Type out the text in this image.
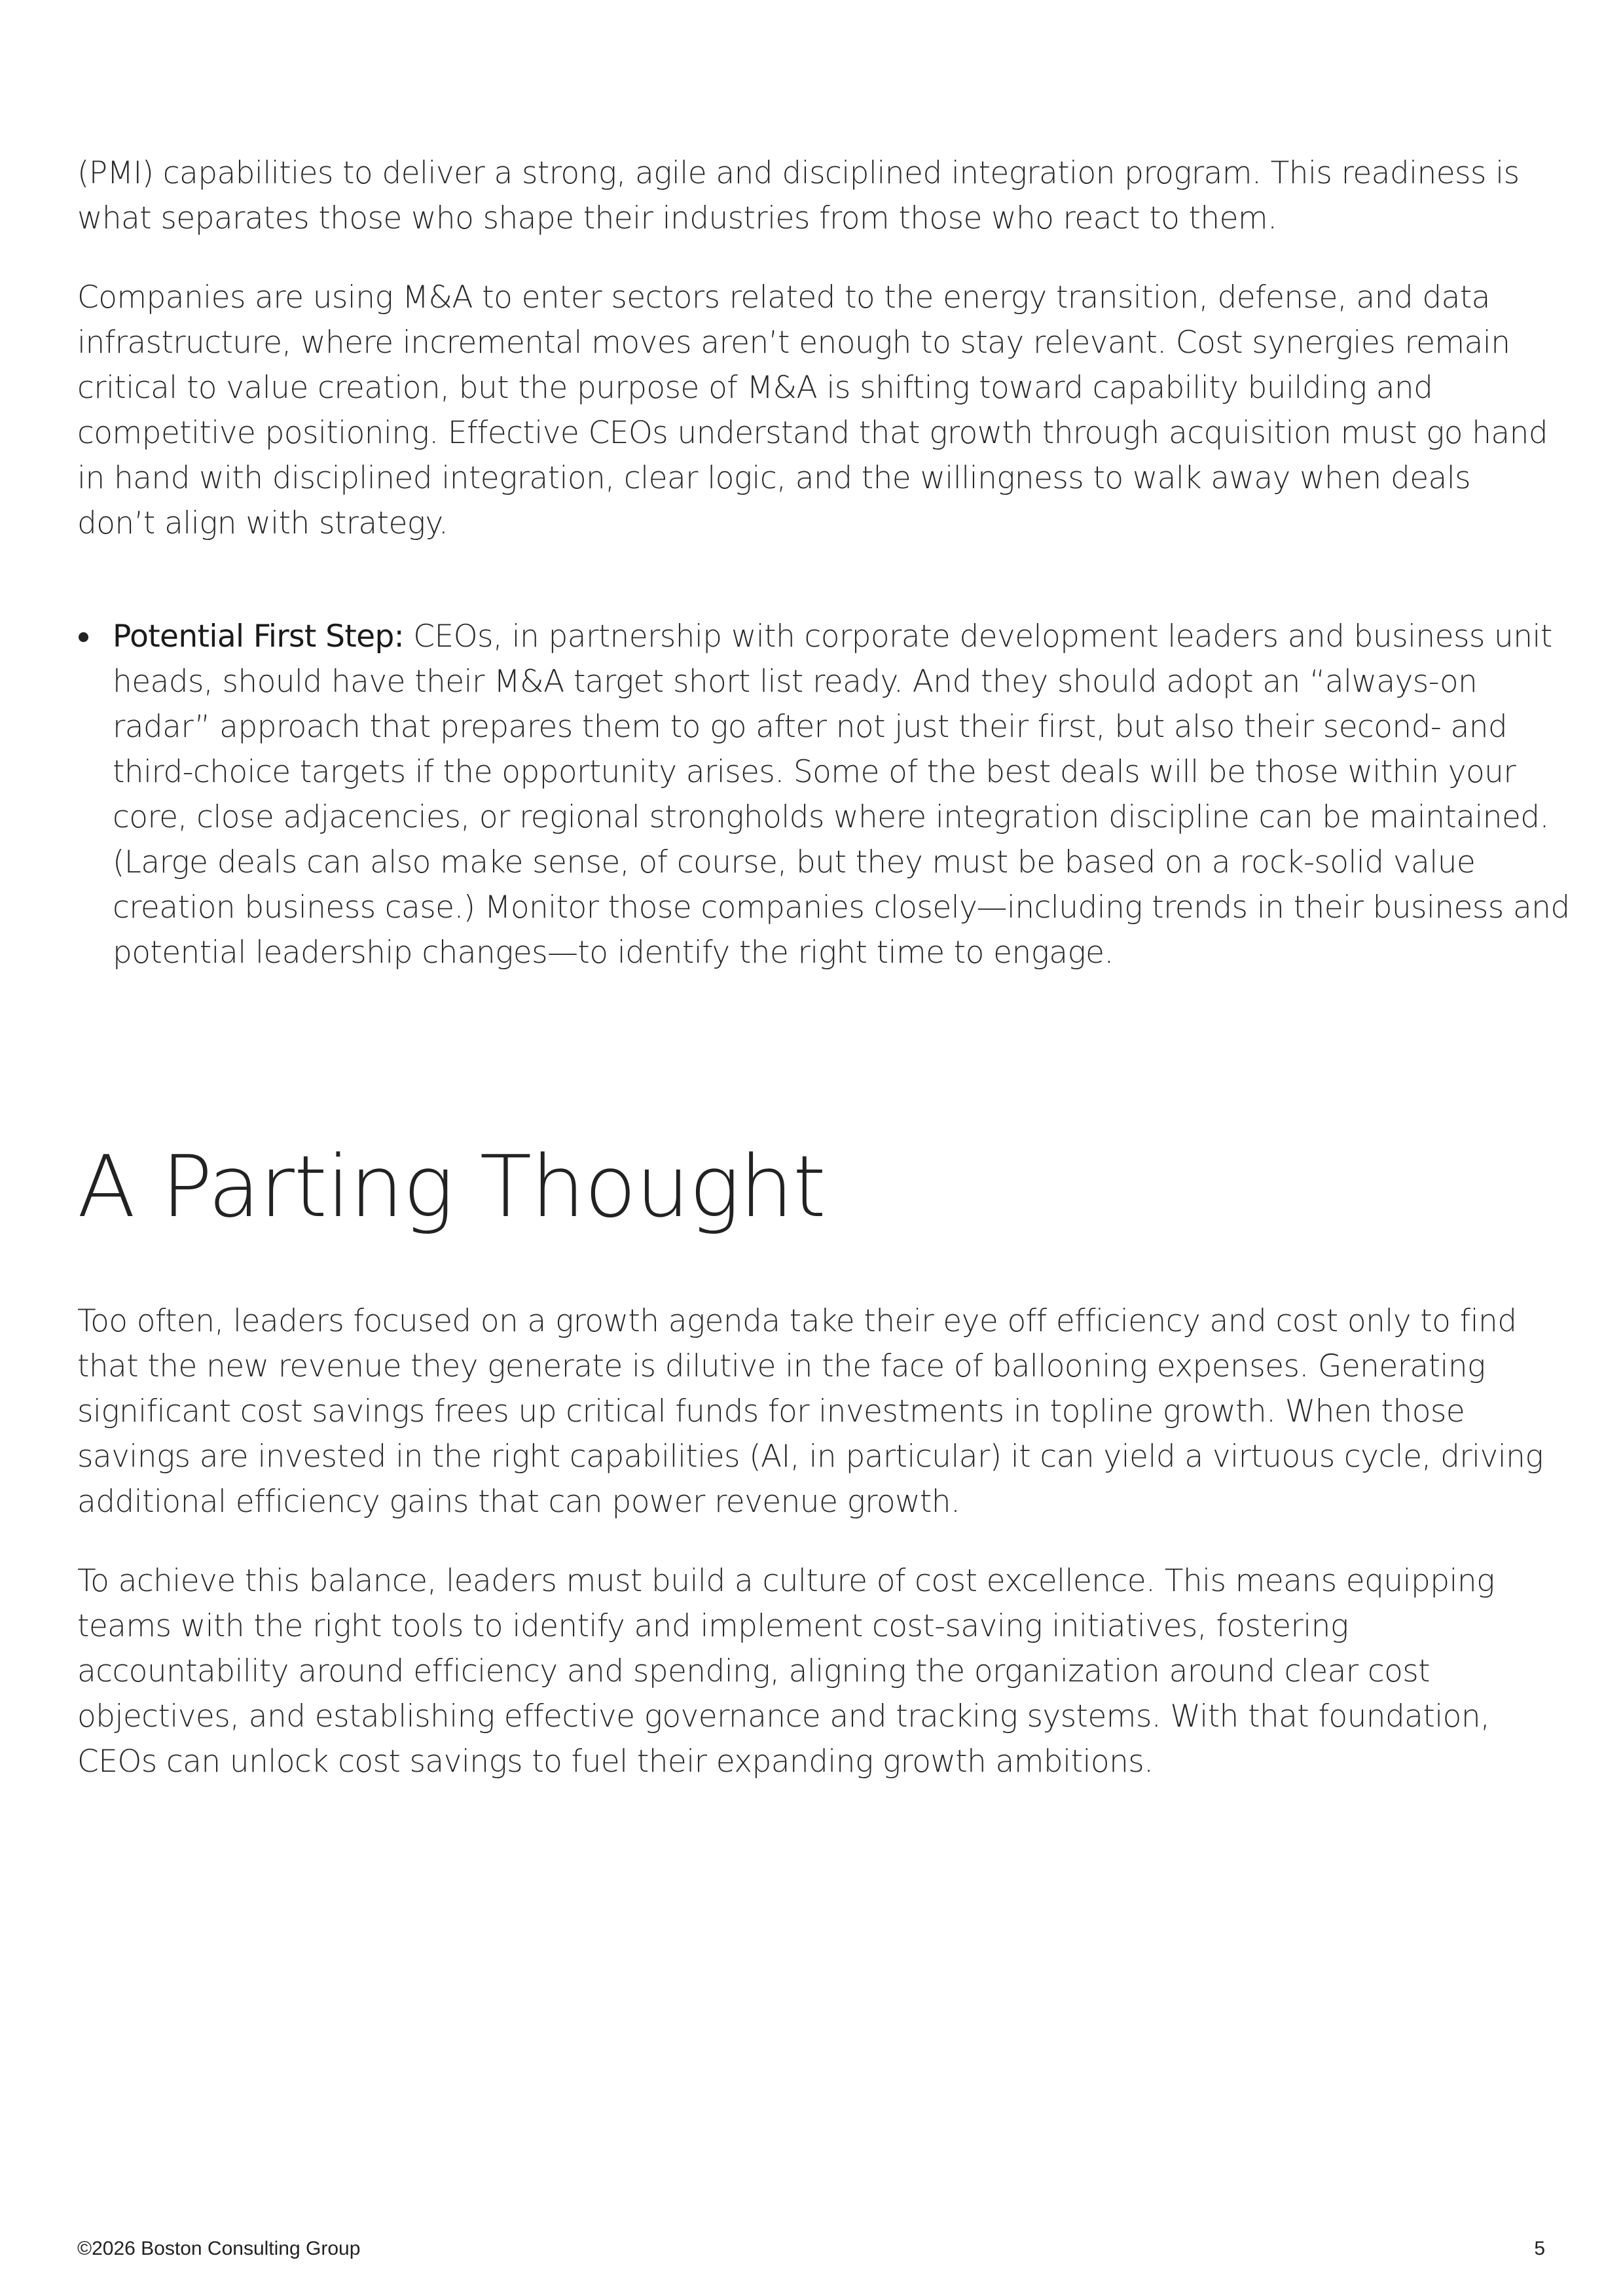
(PMI) capabilities to deliver a strong, agile and disciplined integration program. This readiness is what separates those who shape their industries from those who react to them.

Companies are using M&A to enter sectors related to the energy transition, defense, and data infrastructure, where incremental moves aren’t enough to stay relevant. Cost synergies remain critical to value creation, but the purpose of M&A is shifting toward capability building and competitive positioning. Effective CEOs understand that growth through acquisition must go hand in hand with disciplined integration, clear logic, and the willingness to walk away when deals don’t align with strategy.

Potential First Step: CEOs, in partnership with corporate development leaders and business unit heads, should have their M&A target short list ready. And they should adopt an “always-on radar” approach that prepares them to go after not just their first, but also their second- and third-choice targets if the opportunity arises. Some of the best deals will be those within your core, close adjacencies, or regional strongholds where integration discipline can be maintained. (Large deals can also make sense, of course, but they must be based on a rock-solid value creation business case.) Monitor those companies closely—including trends in their business and potential leadership changes—to identify the right time to engage.
A Parting Thought

Too often, leaders focused on a growth agenda take their eye off efficiency and cost only to find that the new revenue they generate is dilutive in the face of ballooning expenses. Generating significant cost savings frees up critical funds for investments in topline growth. When those savings are invested in the right capabilities (AI, in particular) it can yield a virtuous cycle, driving additional efficiency gains that can power revenue growth.

To achieve this balance, leaders must build a culture of cost excellence. This means equipping teams with the right tools to identify and implement cost-saving initiatives, fostering accountability around efficiency and spending, aligning the organization around clear cost objectives, and establishing effective governance and tracking systems. With that foundation, CEOs can unlock cost savings to fuel their expanding growth ambitions.

©2026 Boston Consulting Group	5
